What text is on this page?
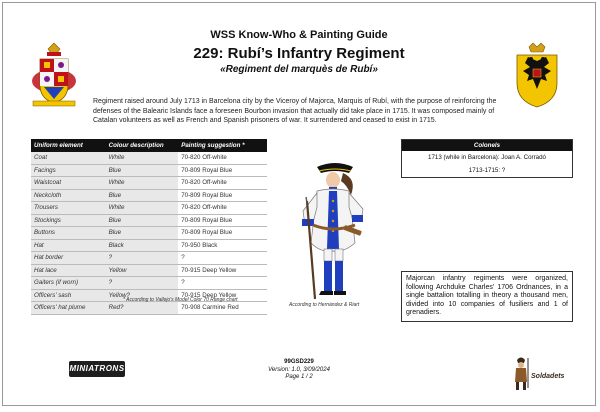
WSS Know-Who & Painting Guide
229: Rubí’s Infantry Regiment
«Regiment del marquès de Rubí»
Regiment raised around July 1713 in Barcelona city by the Viceroy of Majorca, Marquis of Rubí, with the purpose of reinforcing the defenses of the Balearic Islands face a foreseen Bourbon invasion that actually did take place in 1715. It was composed mainly of Catalan volunteers as well as French and Spanish prisoners of war. It surrendered and ceased to exist in 1715.
Uniform element	Colour description	Painting suggestion *
Coat	White	70-820 Off-white
Facings	Blue	70-809 Royal Blue
Waistcoat	White	70-820 Off-white
Neckcloth	Blue	70-809 Royal Blue
Trousers	White	70-820 Off-white
Stockings	Blue	70-809 Royal Blue
Buttons	Blue	70-809 Royal Blue
Hat	Black	70-950 Black
Hat border	?	?
Hat lace	Yellow	70-915 Deep Yellow
Gaiters (if worn)	?	?
Officers' sash	Yellow?	70-915 Deep Yellow
Officers' hat plume	Red?	70-908 Carmine Red
* According to Vallejo's Model Color 70 Range chart
According to Hernández & Riart
Colonels
1713 (while in Barcelona): Joan A. Corradó
1713-1715: ?
Majorcan infantry regiments were organized, following Archduke Charles' 1706 Ordnances, in a single battalion totalling in theory a thousand men, divided into 10 companies of fusiliers and 1 of grenadiers.
MINIATRONS
99GSD229
Version: 1.0, 3/09/2024
Page 1 / 2	Soldadets
